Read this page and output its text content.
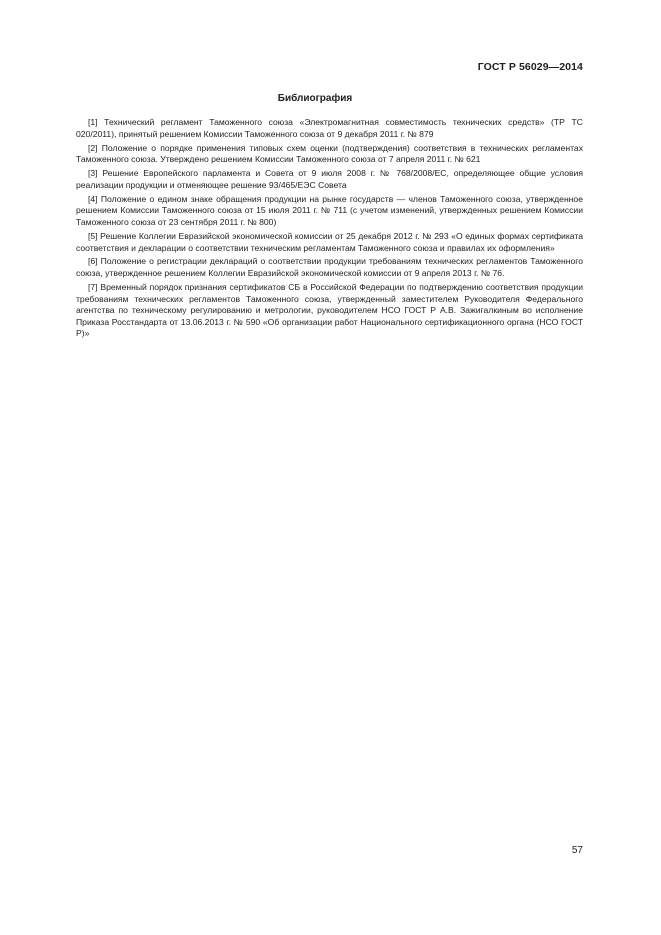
ГОСТ Р 56029—2014
Библиография

[1] Технический регламент Таможенного союза «Электромагнитная совместимость технических средств» (ТР ТС 020/2011), принятый решением Комиссии Таможенного союза от 9 декабря 2011 г. № 879

[2] Положение о порядке применения типовых схем оценки (подтверждения) соответствия в технических регламентах Таможенного союза. Утверждено решением Комиссии Таможенного союза от 7 апреля 2011 г. № 621

[3] Решение Европейского парламента и Совета от 9 июля 2008 г. № 768/2008/ЕС, определяющее общие условия реализации продукции и отменяющее решение 93/465/ЕЭС Совета

[4] Положение о едином знаке обращения продукции на рынке государств — членов Таможенного союза, утвержденное решением Комиссии Таможенного союза от 15 июля 2011 г. № 711 (с учетом изменений, утвержденных решением Комиссии Таможенного союза от 23 сентября 2011 г. № 800)

[5] Решение Коллегии Евразийской экономической комиссии от 25 декабря 2012 г. № 293 «О единых формах сертификата соответствия и декларации о соответствии техническим регламентам Таможенного союза и правилах их оформления»

[6] Положение о регистрации деклараций о соответствии продукции требованиям технических регламентов Таможенного союза, утвержденное решением Коллегии Евразийской экономической комиссии от 9 апреля 2013 г. № 76.

[7] Временный порядок признания сертификатов СБ в Российской Федерации по подтверждению соответствия продукции требованиям технических регламентов Таможенного союза, утвержденный заместителем Руководителя Федерального агентства по техническому регулированию и метрологии, руководителем НСО ГОСТ Р А.В. Зажигалкиным во исполнение Приказа Росстандарта от 13.06.2013 г. № 590 «Об организации работ Национального сертификационного органа (НСО ГОСТ Р)»

57
